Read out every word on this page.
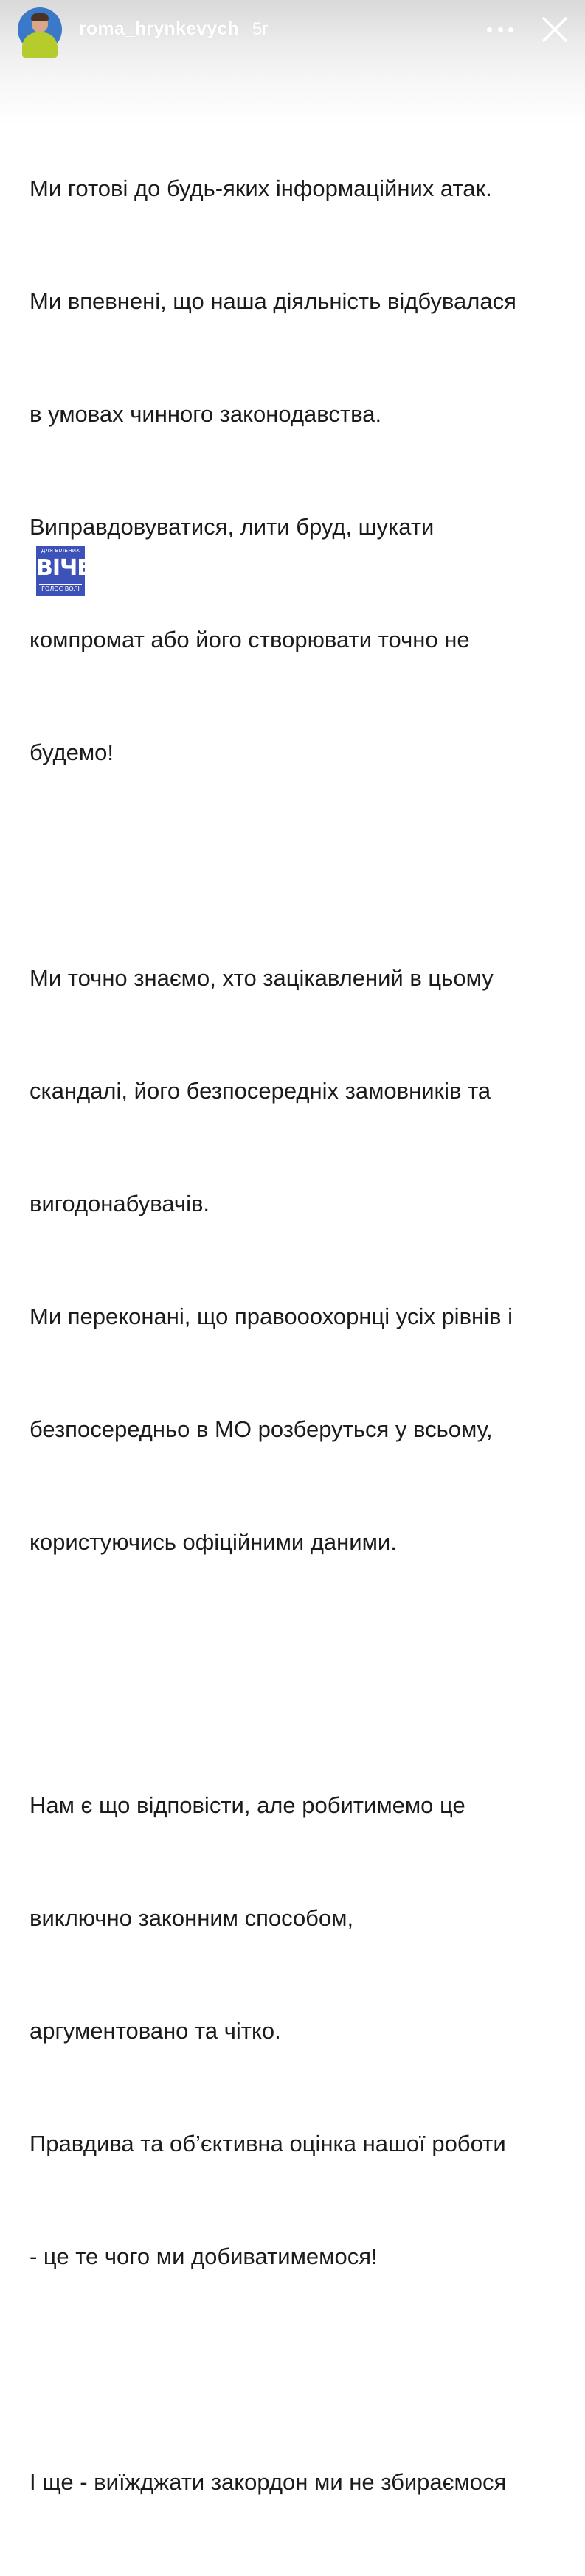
roma_hrynkevych 5г

Ми готові до будь-яких інформаційних атак.

Ми впевнені, що наша діяльність відбувалася

в умовах чинного законодавства.

Виправдовуватися, лити бруд, шукати

компромат або його створювати точно не

будемо!

Ми точно знаємо, хто зацікавлений в цьому

скандалі, його безпосередніх замовників та

вигодонабувачів.

Ми переконані, що правооохорнці усіх рівнів і

безпосередньо в МО розберуться у всьому,

користуючись офіційними даними.

Нам є що відповісти, але робитимемо це

виключно законним способом,

аргументовано та чітко.

Правдива та об’єктивна оцінка нашої роботи

- це те чого ми добиватимемося!

І ще - виїжджати закордон ми не збираємося

ДЛЯ ВІЛЬНИХ
ВІЧЕ
ГОЛОС ВОЛІ
